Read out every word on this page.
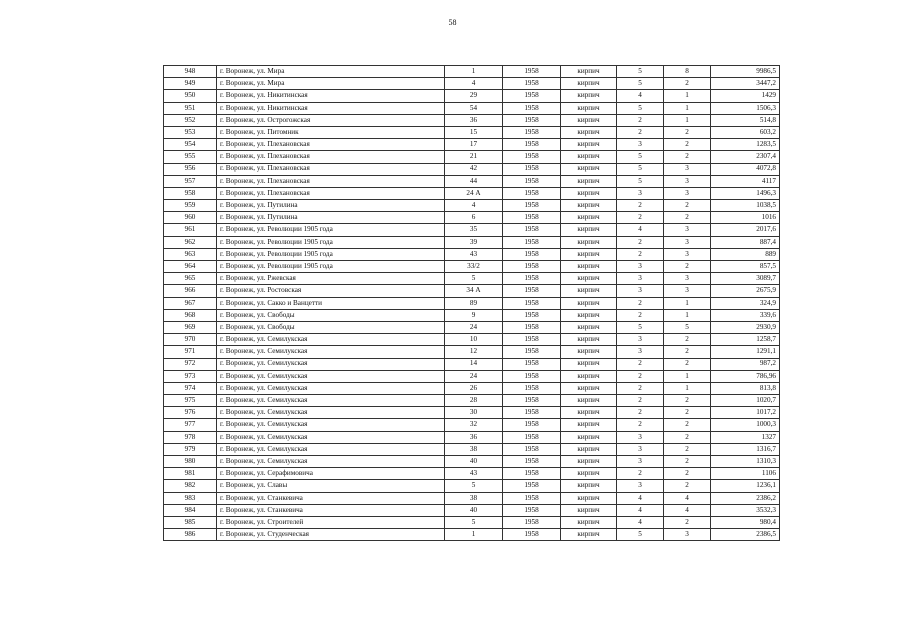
58
948	г. Воронеж, ул. Мира	1	1958	кирпич	5	8	9986,5
949	г. Воронеж, ул. Мира	4	1958	кирпич	5	2	3447,2
950	г. Воронеж, ул. Никитинская	29	1958	кирпич	4	1	1429
951	г. Воронеж, ул. Никитинская	54	1958	кирпич	5	1	1506,3
952	г. Воронеж, ул. Острогожская	36	1958	кирпич	2	1	514,8
953	г. Воронеж, ул. Питомник	15	1958	кирпич	2	2	603,2
954	г. Воронеж, ул. Плехановская	17	1958	кирпич	3	2	1283,5
955	г. Воронеж, ул. Плехановская	21	1958	кирпич	5	2	2307,4
956	г. Воронеж, ул. Плехановская	42	1958	кирпич	5	3	4072,8
957	г. Воронеж, ул. Плехановская	44	1958	кирпич	5	3	4117
958	г. Воронеж, ул. Плехановская	24 А	1958	кирпич	3	3	1496,3
959	г. Воронеж, ул. Путилина	4	1958	кирпич	2	2	1038,5
960	г. Воронеж, ул. Путилина	6	1958	кирпич	2	2	1016
961	г. Воронеж, ул. Революции 1905 года	35	1958	кирпич	4	3	2017,6
962	г. Воронеж, ул. Революции 1905 года	39	1958	кирпич	2	3	887,4
963	г. Воронеж, ул. Революции 1905 года	43	1958	кирпич	2	3	889
964	г. Воронеж, ул. Революции 1905 года	33/2	1958	кирпич	3	2	857,5
965	г. Воронеж, ул. Ржевская	5	1958	кирпич	3	3	3089,7
966	г. Воронеж, ул. Ростовская	34 А	1958	кирпич	3	3	2675,9
967	г. Воронеж, ул. Сакко и Ванцетти	89	1958	кирпич	2	1	324,9
968	г. Воронеж, ул. Свободы	9	1958	кирпич	2	1	339,6
969	г. Воронеж, ул. Свободы	24	1958	кирпич	5	5	2930,9
970	г. Воронеж, ул. Семилукская	10	1958	кирпич	3	2	1258,7
971	г. Воронеж, ул. Семилукская	12	1958	кирпич	3	2	1291,1
972	г. Воронеж, ул. Семилукская	14	1958	кирпич	2	2	987,2
973	г. Воронеж, ул. Семилукская	24	1958	кирпич	2	1	786,96
974	г. Воронеж, ул. Семилукская	26	1958	кирпич	2	1	813,8
975	г. Воронеж, ул. Семилукская	28	1958	кирпич	2	2	1020,7
976	г. Воронеж, ул. Семилукская	30	1958	кирпич	2	2	1017,2
977	г. Воронеж, ул. Семилукская	32	1958	кирпич	2	2	1000,3
978	г. Воронеж, ул. Семилукская	36	1958	кирпич	3	2	1327
979	г. Воронеж, ул. Семилукская	38	1958	кирпич	3	2	1316,7
980	г. Воронеж, ул. Семилукская	40	1958	кирпич	3	2	1310,3
981	г. Воронеж, ул. Серафимовича	43	1958	кирпич	2	2	1106
982	г. Воронеж, ул. Славы	5	1958	кирпич	3	2	1236,1
983	г. Воронеж, ул. Станкевича	38	1958	кирпич	4	4	2386,2
984	г. Воронеж, ул. Станкевича	40	1958	кирпич	4	4	3532,3
985	г. Воронеж, ул. Строителей	5	1958	кирпич	4	2	980,4
986	г. Воронеж, ул. Студенческая	1	1958	кирпич	5	3	2386,5
